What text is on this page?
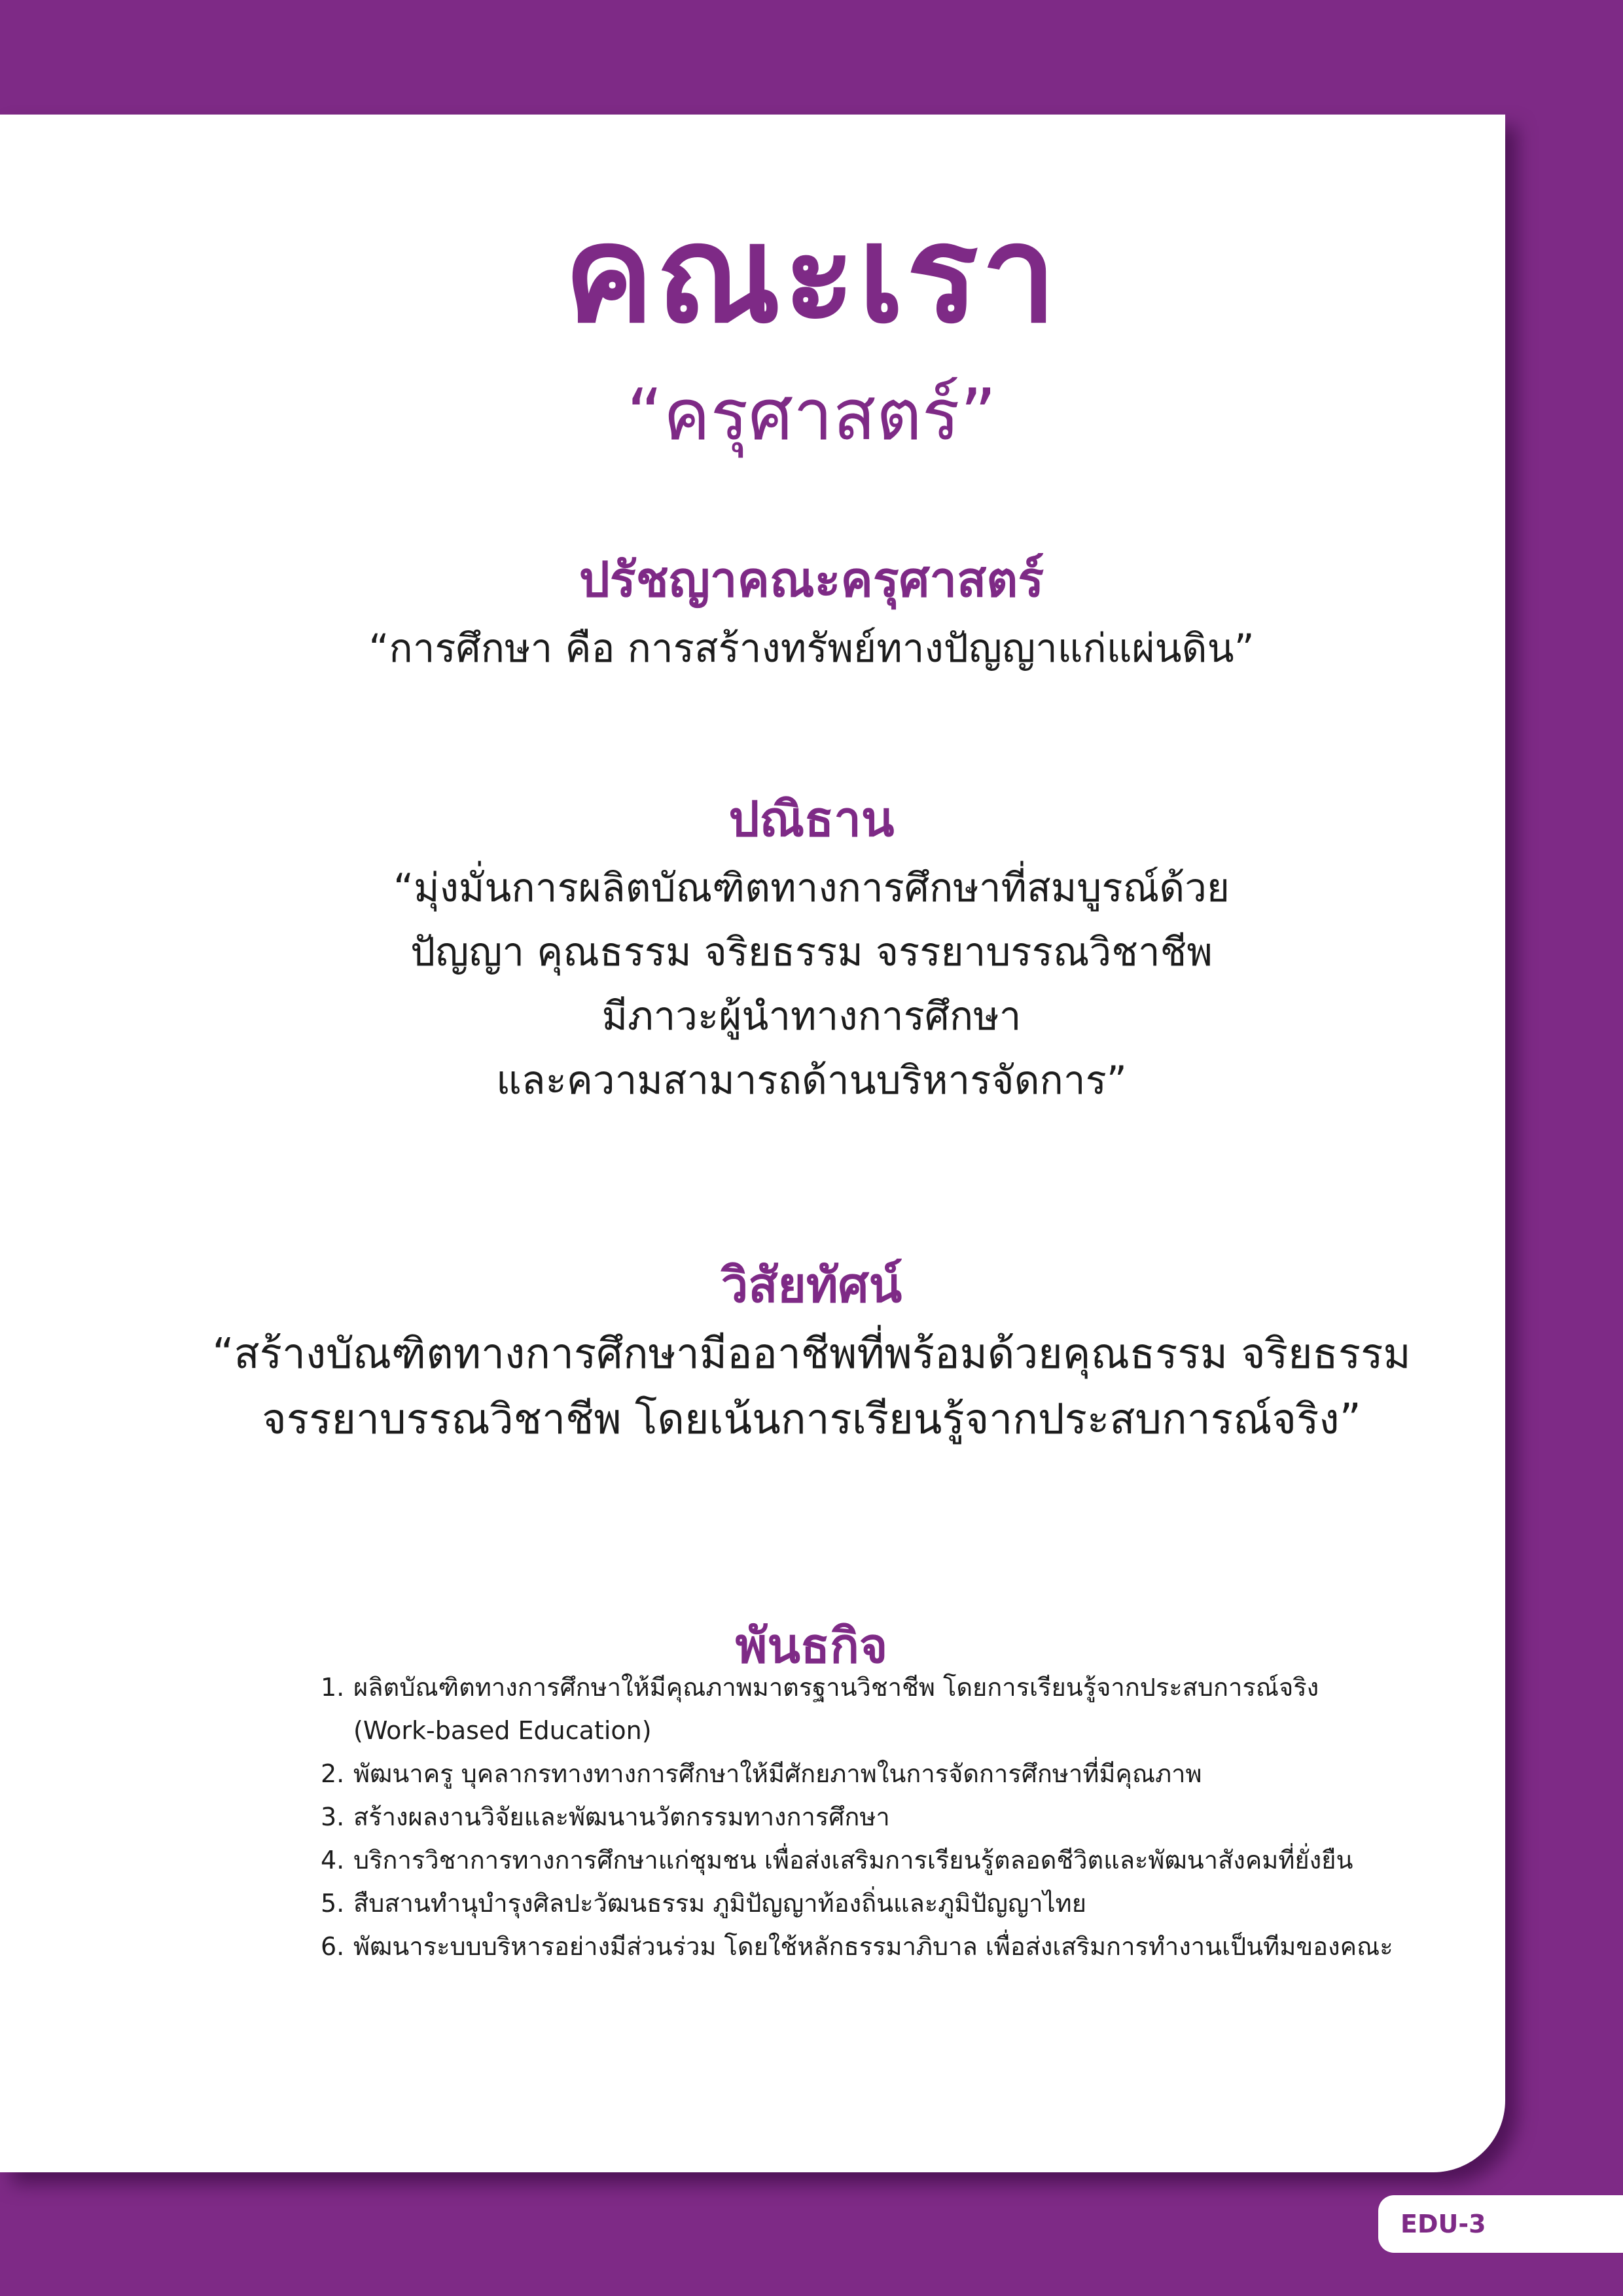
คณะเรา
“ครุศาสตร์”
ปรัชญาคณะครุศาสตร์
“การศึกษา คือ การสร้างทรัพย์ทางปัญญาแก่แผ่นดิน”
ปณิธาน
“มุ่งมั่นการผลิตบัณฑิตทางการศึกษาที่สมบูรณ์ด้วย
ปัญญา คุณธรรม จริยธรรม จรรยาบรรณวิชาชีพ
มีภาวะผู้นำทางการศึกษา
และความสามารถด้านบริหารจัดการ”
วิสัยทัศน์
“สร้างบัณฑิตทางการศึกษามีออาชีพที่พร้อมด้วยคุณธรรม จริยธรรม
จรรยาบรรณวิชาชีพ โดยเน้นการเรียนรู้จากประสบการณ์จริง”
พันธกิจ
1. ผลิตบัณฑิตทางการศึกษาให้มีคุณภาพมาตรฐานวิชาชีพ โดยการเรียนรู้จากประสบการณ์จริง
(Work-based Education)
2. พัฒนาครู บุคลากรทางทางการศึกษาให้มีศักยภาพในการจัดการศึกษาที่มีคุณภาพ
3. สร้างผลงานวิจัยและพัฒนานวัตกรรมทางการศึกษา
4. บริการวิชาการทางการศึกษาแก่ชุมชน เพื่อส่งเสริมการเรียนรู้ตลอดชีวิตและพัฒนาสังคมที่ยั่งยืน
5. สืบสานทำนุบำรุงศิลปะวัฒนธรรม ภูมิปัญญาท้องถิ่นและภูมิปัญญาไทย
6. พัฒนาระบบบริหารอย่างมีส่วนร่วม โดยใช้หลักธรรมาภิบาล เพื่อส่งเสริมการทำงานเป็นทีมของคณะ
EDU-3
